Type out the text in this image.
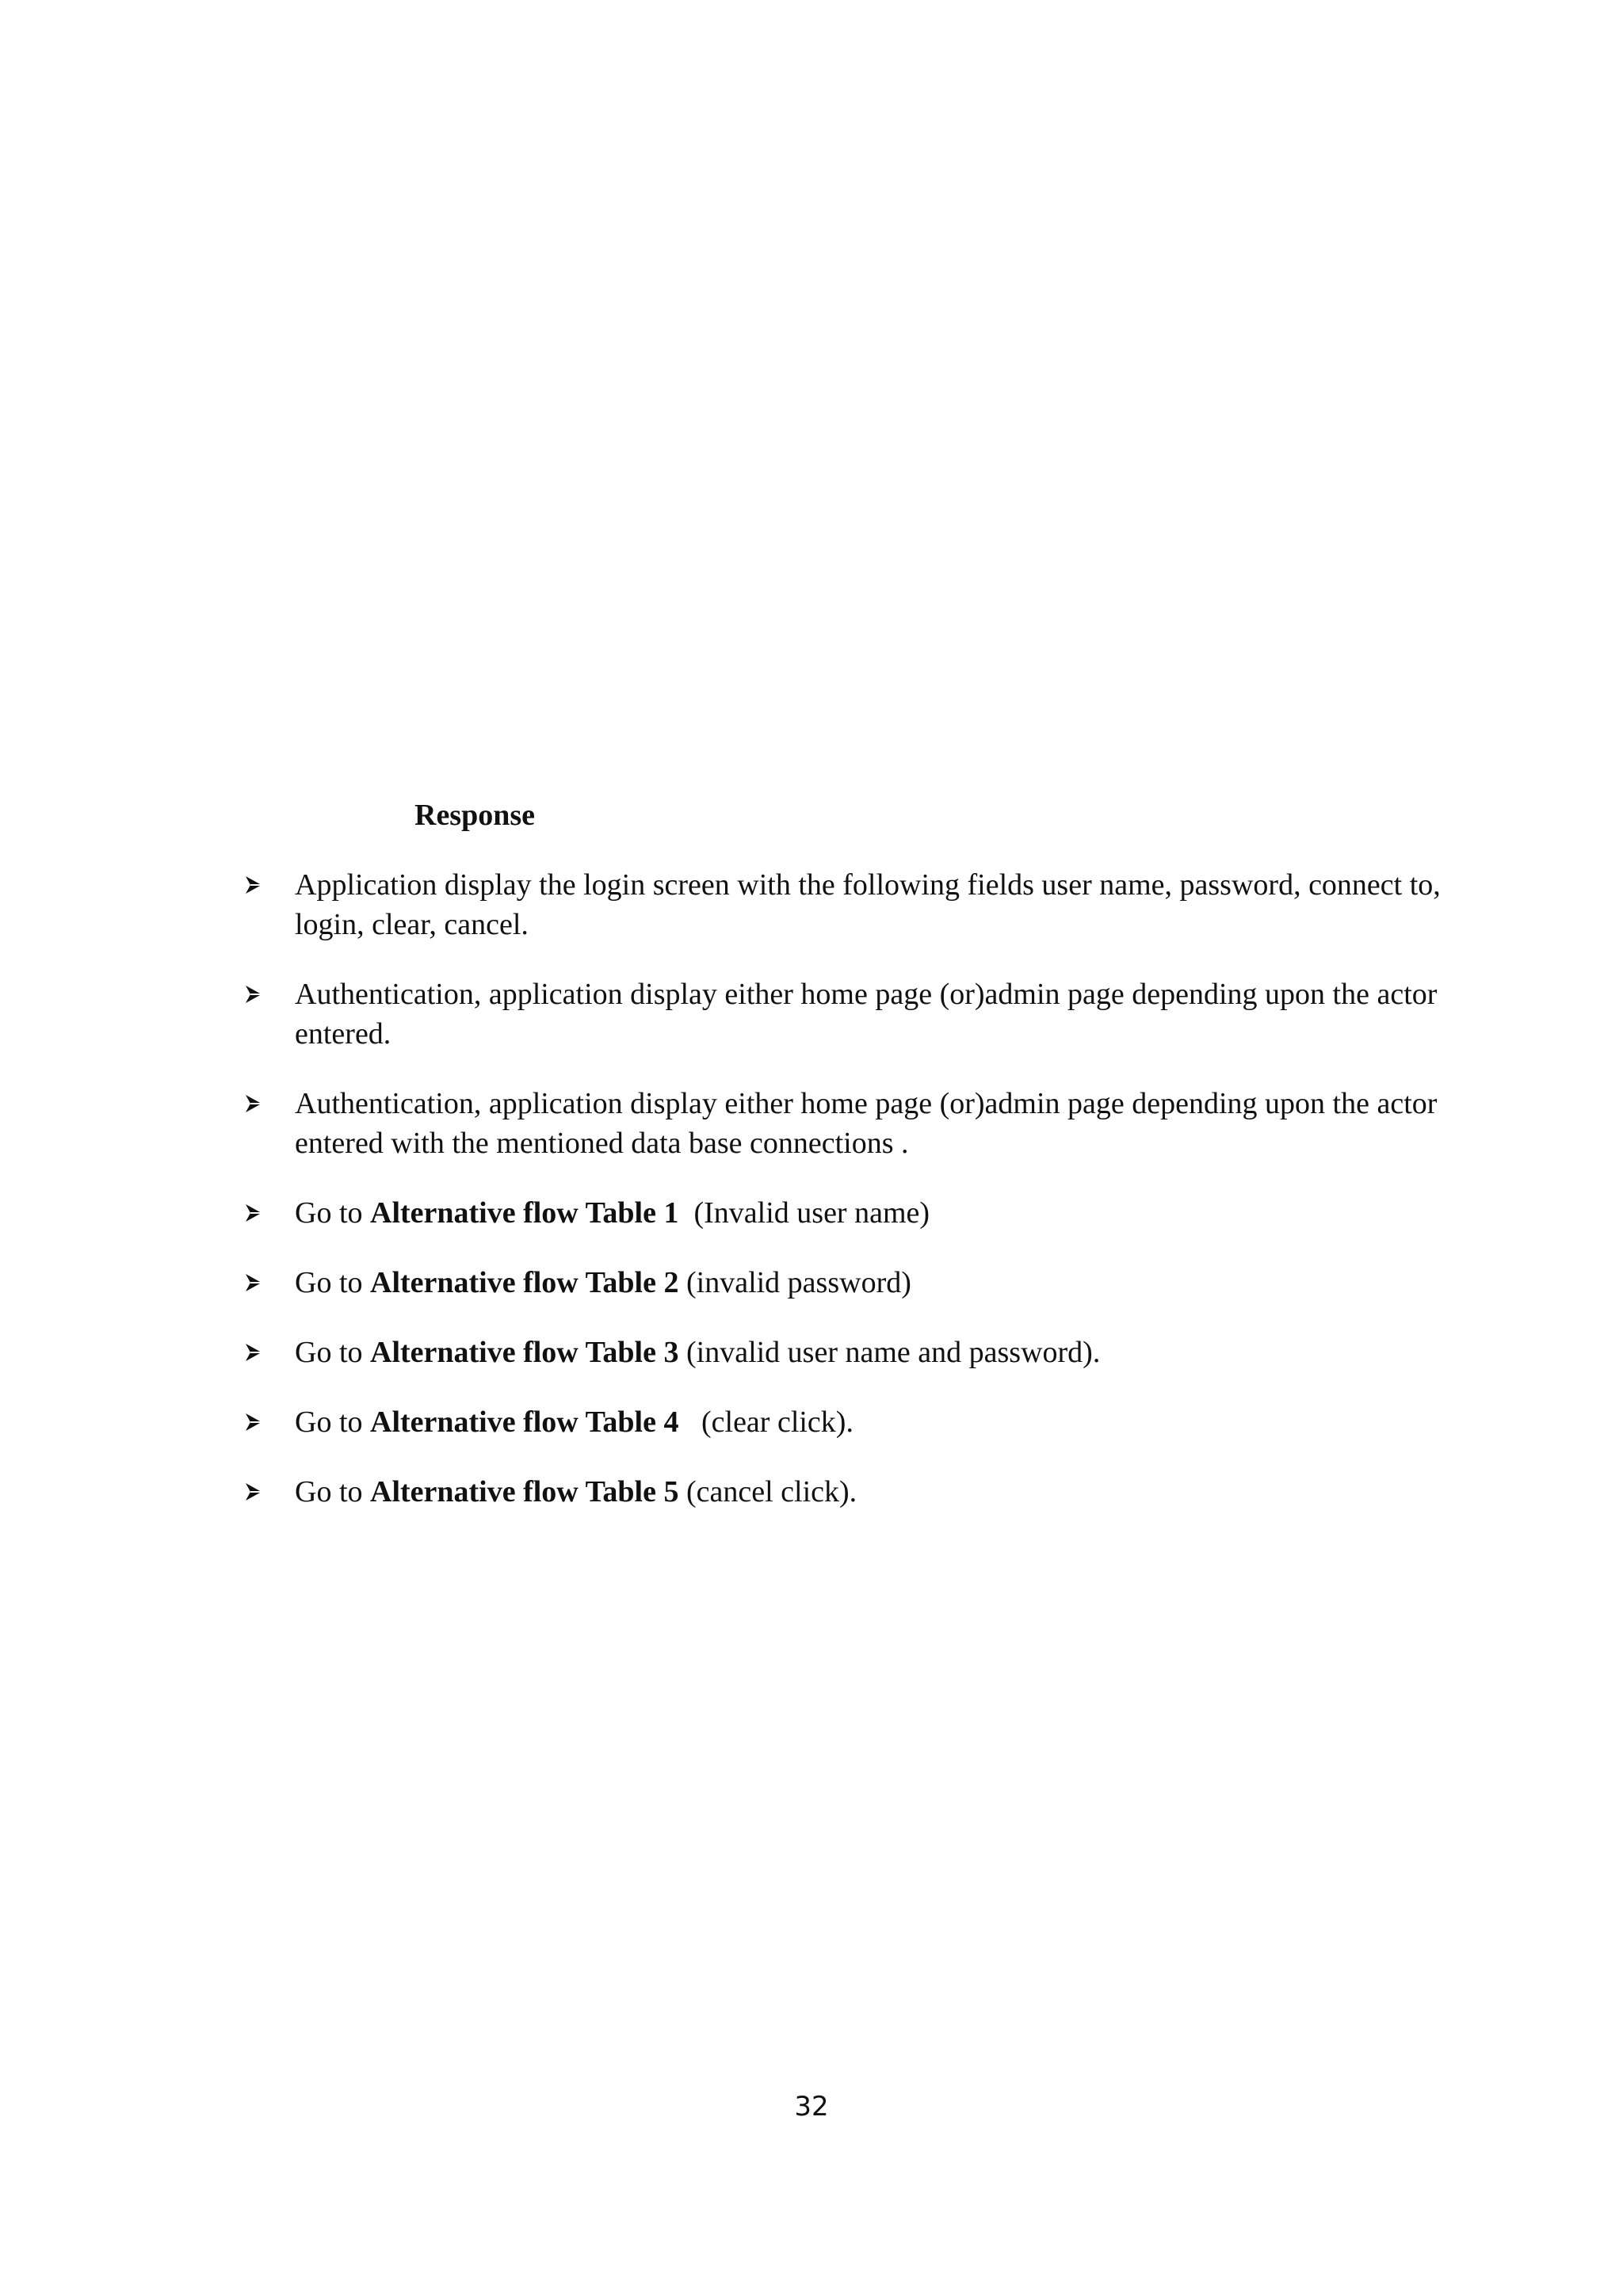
Response
Application display the login screen with the following fields user name, password, connect to, login, clear, cancel.
Authentication, application display either home page (or)admin page depending upon the actor entered.
Authentication, application display either home page (or)admin page depending upon the actor entered with the mentioned data base connections .
Go to Alternative flow Table 1  (Invalid user name)
Go to Alternative flow Table 2 (invalid password)
Go to Alternative flow Table 3 (invalid user name and password).
Go to Alternative flow Table 4   (clear click).
Go to Alternative flow Table 5 (cancel click).
32
